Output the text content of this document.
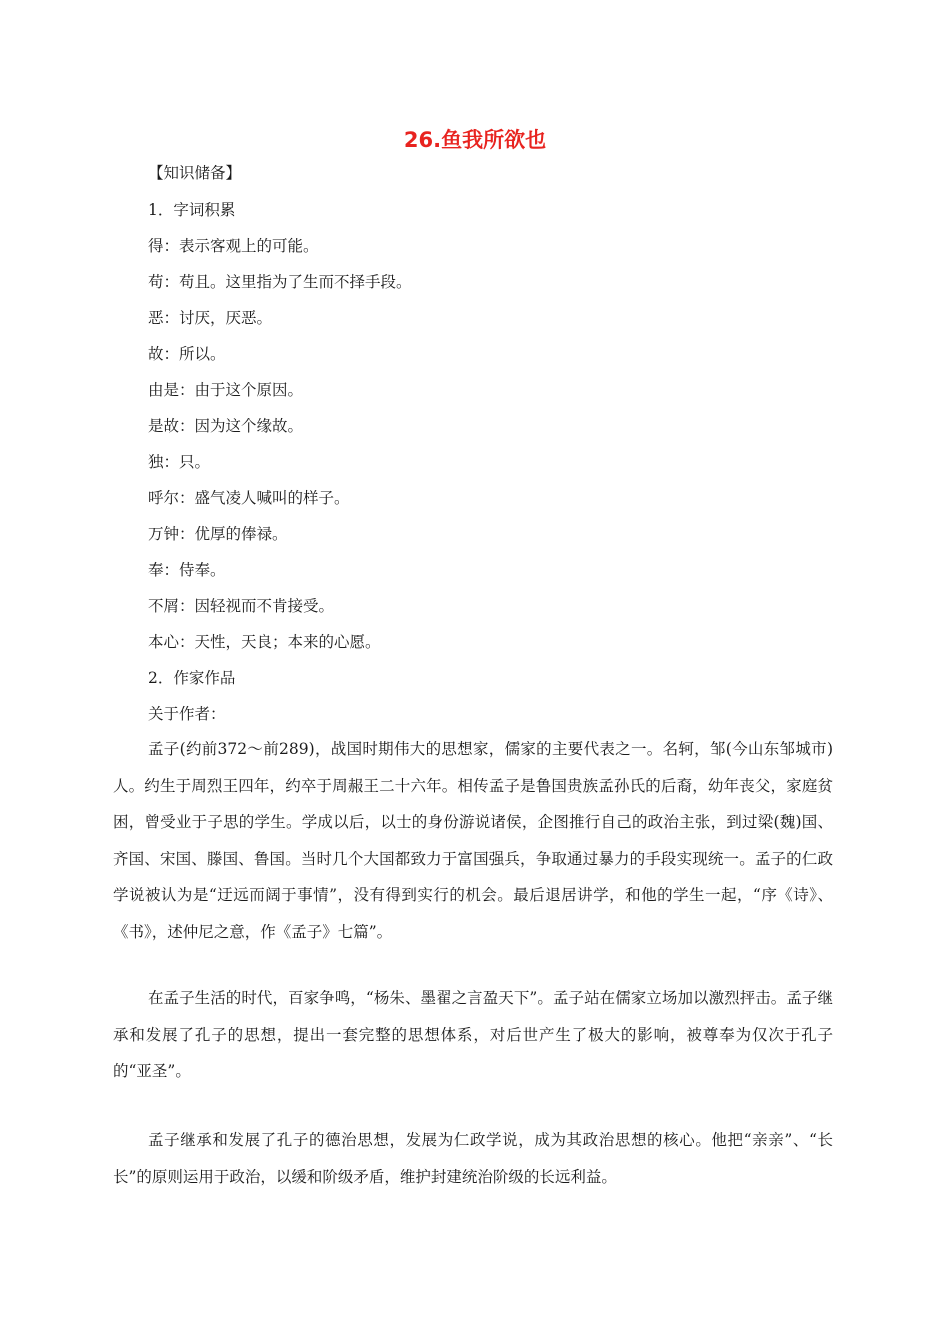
26.鱼我所欲也

【知识储备】

1．字词积累

得：表示客观上的可能。

苟：苟且。这里指为了生而不择手段。

恶：讨厌，厌恶。

故：所以。

由是：由于这个原因。

是故：因为这个缘故。

独：只。

呼尔：盛气凌人喊叫的样子。

万钟：优厚的俸禄。

奉：侍奉。

不屑：因轻视而不肯接受。

本心：天性，天良；本来的心愿。

2．作家作品

关于作者：

孟子(约前372～前289)，战国时期伟大的思想家，儒家的主要代表之一。名轲，邹(今山东邹城市)人。约生于周烈王四年，约卒于周赧王二十六年。相传孟子是鲁国贵族孟孙氏的后裔，幼年丧父，家庭贫困，曾受业于子思的学生。学成以后，以士的身份游说诸侯，企图推行自己的政治主张，到过梁(魏)国、齐国、宋国、滕国、鲁国。当时几个大国都致力于富国强兵，争取通过暴力的手段实现统一。孟子的仁政学说被认为是“迂远而阔于事情”，没有得到实行的机会。最后退居讲学，和他的学生一起，“序《诗》、《书》，述仲尼之意，作《孟子》七篇”。

在孟子生活的时代，百家争鸣，“杨朱、墨翟之言盈天下”。孟子站在儒家立场加以激烈抨击。孟子继承和发展了孔子的思想，提出一套完整的思想体系，对后世产生了极大的影响，被尊奉为仅次于孔子的“亚圣”。

孟子继承和发展了孔子的德治思想，发展为仁政学说，成为其政治思想的核心。他把“亲亲”、“长长”的原则运用于政治，以缓和阶级矛盾，维护封建统治阶级的长远利益。
